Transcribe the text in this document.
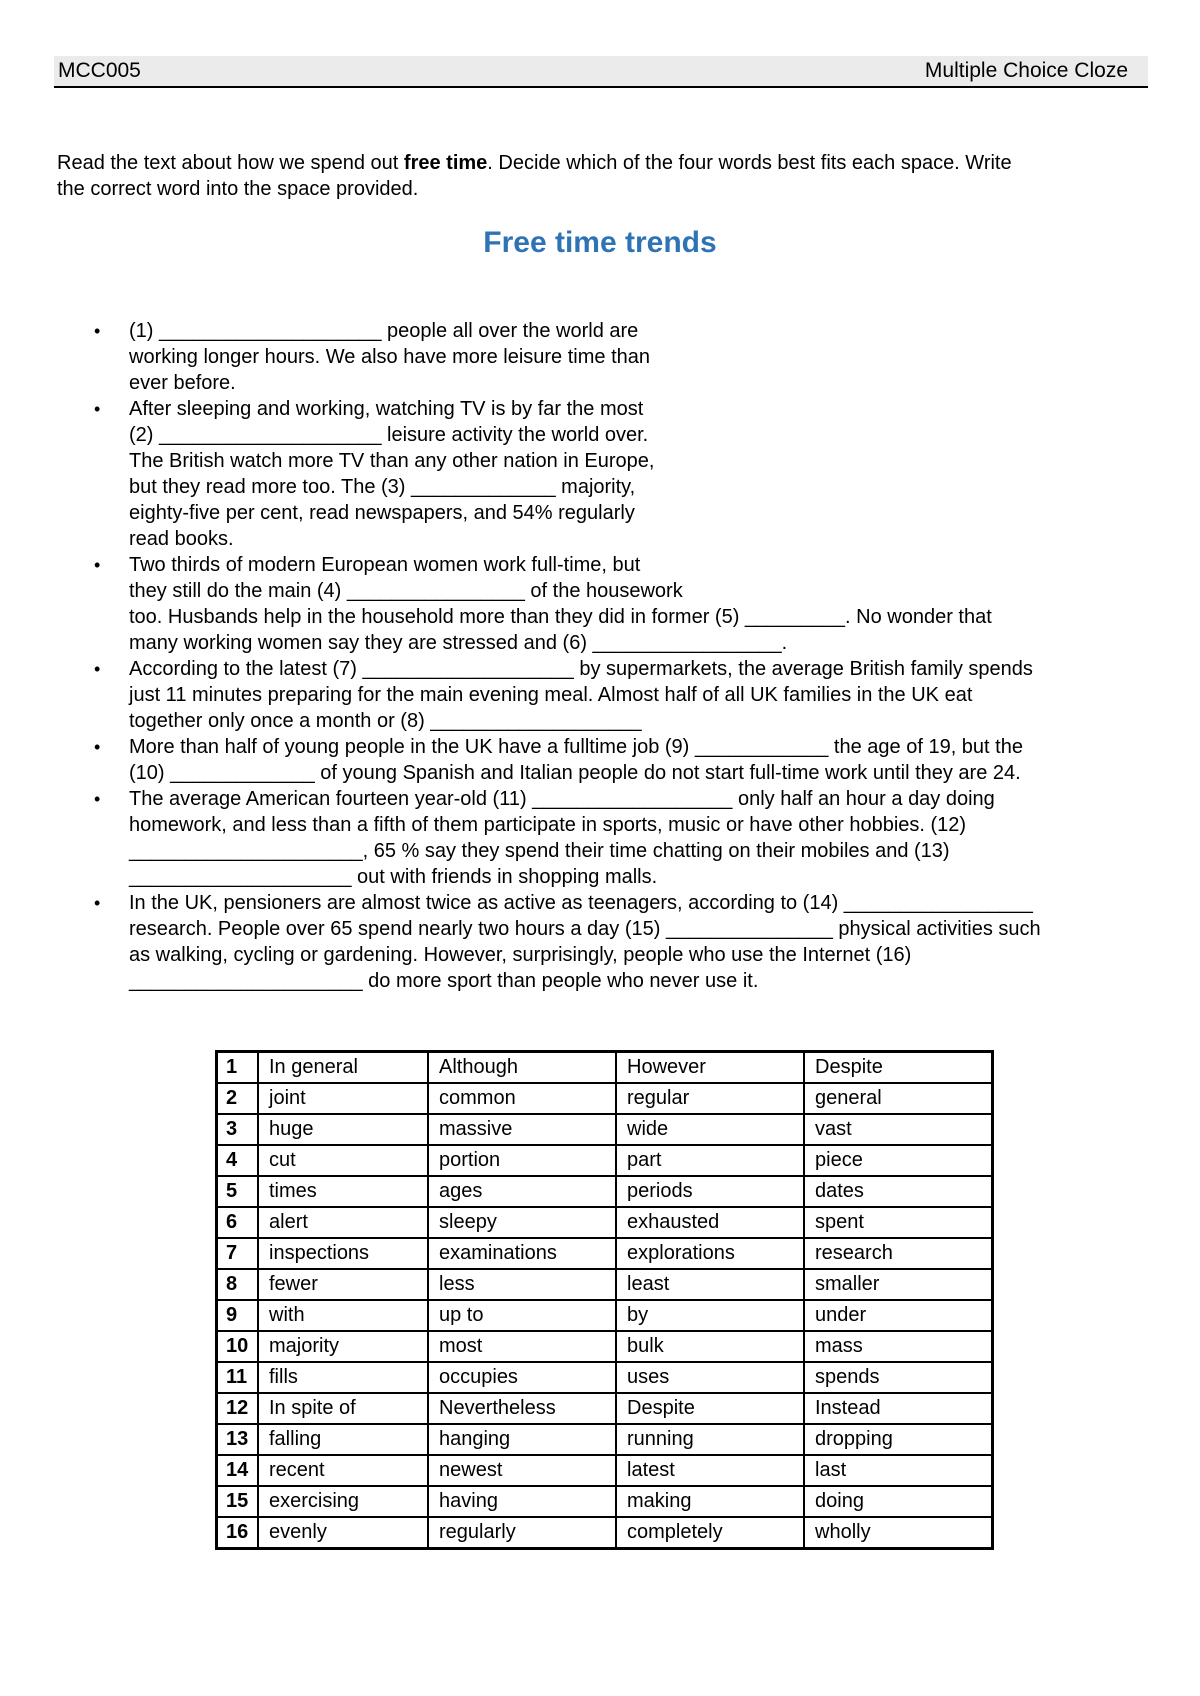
MCC005	Multiple Choice Cloze
Read the text about how we spend out free time. Decide which of the four words best fits each space. Write
the correct word into the space provided.
Free time trends
• (1) ____________________ people all over the world are
working longer hours. We also have more leisure time than
ever before.
• After sleeping and working, watching TV is by far the most
(2) ____________________ leisure activity the world over.
The British watch more TV than any other nation in Europe,
but they read more too. The (3) _____________ majority,
eighty-five per cent, read newspapers, and 54% regularly
read books.
• Two thirds of modern European women work full-time, but
they still do the main (4) ________________ of the housework
too. Husbands help in the household more than they did in former (5) _________. No wonder that
many working women say they are stressed and (6) _________________.
• According to the latest (7) ___________________ by supermarkets, the average British family spends
just 11 minutes preparing for the main evening meal. Almost half of all UK families in the UK eat
together only once a month or (8) ___________________
• More than half of young people in the UK have a fulltime job (9) ____________ the age of 19, but the
(10) _____________ of young Spanish and Italian people do not start full-time work until they are 24.
• The average American fourteen year-old (11) __________________ only half an hour a day doing
homework, and less than a fifth of them participate in sports, music or have other hobbies. (12)
_____________________, 65 % say they spend their time chatting on their mobiles and (13)
____________________ out with friends in shopping malls.
• In the UK, pensioners are almost twice as active as teenagers, according to (14) _________________
research. People over 65 spend nearly two hours a day (15) _______________ physical activities such
as walking, cycling or gardening. However, surprisingly, people who use the Internet (16)
_____________________ do more sport than people who never use it.
1	In general	Although	However	Despite
2	joint	common	regular	general
3	huge	massive	wide	vast
4	cut	portion	part	piece
5	times	ages	periods	dates
6	alert	sleepy	exhausted	spent
7	inspections	examinations	explorations	research
8	fewer	less	least	smaller
9	with	up to	by	under
10	majority	most	bulk	mass
11	fills	occupies	uses	spends
12	In spite of	Nevertheless	Despite	Instead
13	falling	hanging	running	dropping
14	recent	newest	latest	last
15	exercising	having	making	doing
16	evenly	regularly	completely	wholly
